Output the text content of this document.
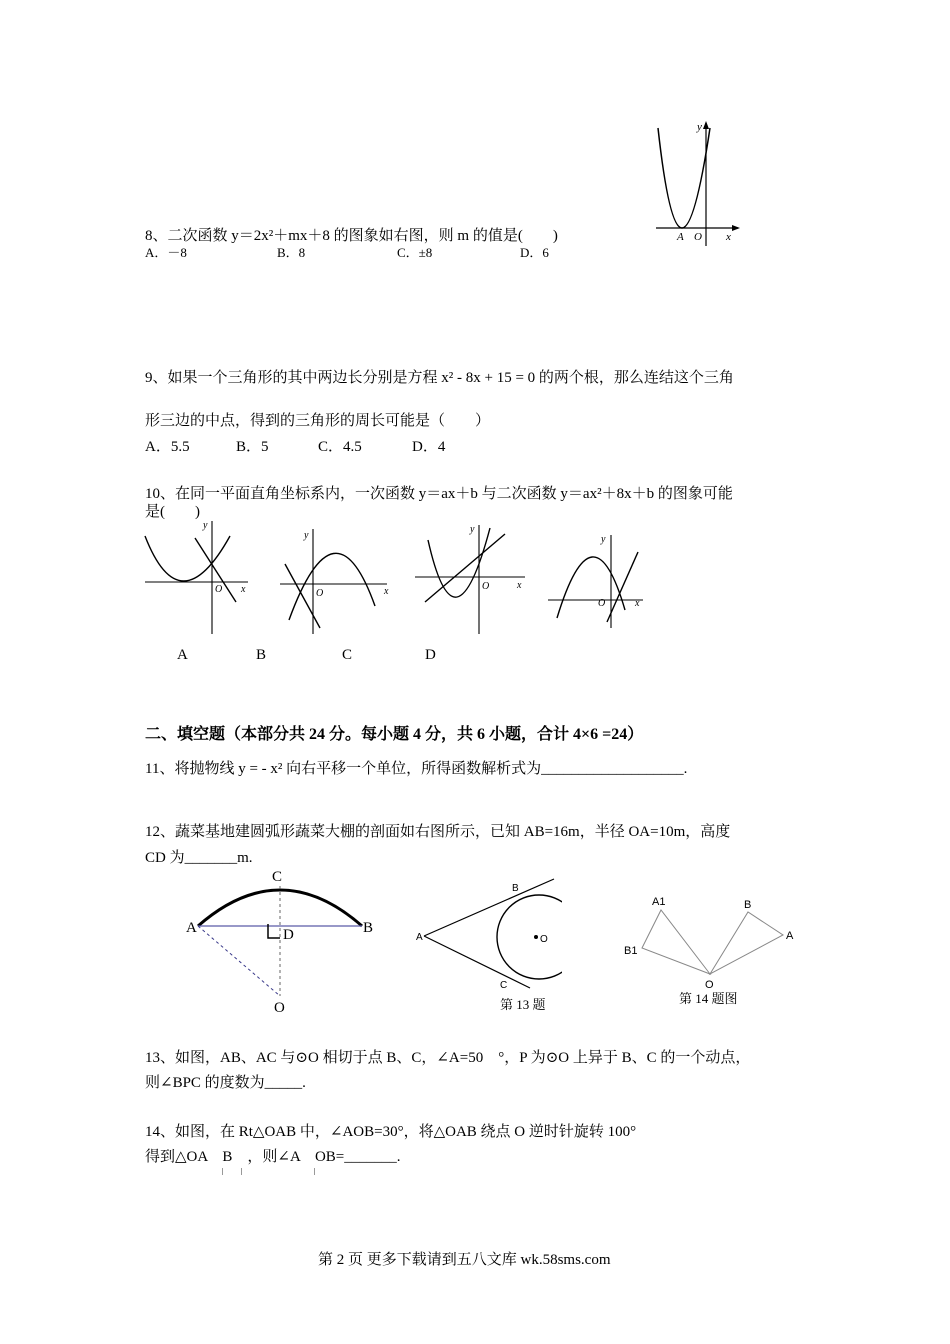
y
x
A O
8、二次函数 y＝2x²＋mx＋8 的图象如右图，则 m 的值是(　　)
A．－8	B．8	C．±8	D．6
9、如果一个三角形的其中两边长分别是方程 x² - 8x + 15 = 0 的两个根，那么连结这个三角
形三边的中点，得到的三角形的周长可能是（　　）
A．5.5	B．5	C．4.5	D．4
10、在同一平面直角坐标系内，一次函数 y＝ax＋b 与二次函数 y＝ax²＋8x＋b 的图象可能
是(　　)
y
x
O
y
x
O
y
x
O
y
x
O
A	B	C	D
二、填空题（本部分共 24 分。每小题 4 分，共 6 小题，合计 4×6 =24）
11、将抛物线 y = - x² 向右平移一个单位，所得函数解析式为___________________.
12、蔬菜基地建圆弧形蔬菜大棚的剖面如右图所示，已知 AB=16m，半径 OA=10m，高度
CD 为_______m.
C
A	B
D
O
A
B
C
O
第 13 题
A1	B
A
B1
O
第 14 题图
13、如图，AB、AC 与⊙O 相切于点 B、C，∠A=50　°，P 为⊙O 上异于 B、C 的一个动点，
则∠BPC 的度数为_____.
14、如图，在 Rt△OAB 中，∠AOB=30°，将△OAB 绕点 O 逆时针旋转 100°
得到△OA　B　，则∠A　OB=_______.
第 2 页 更多下载请到五八文库 wk.58sms.com
